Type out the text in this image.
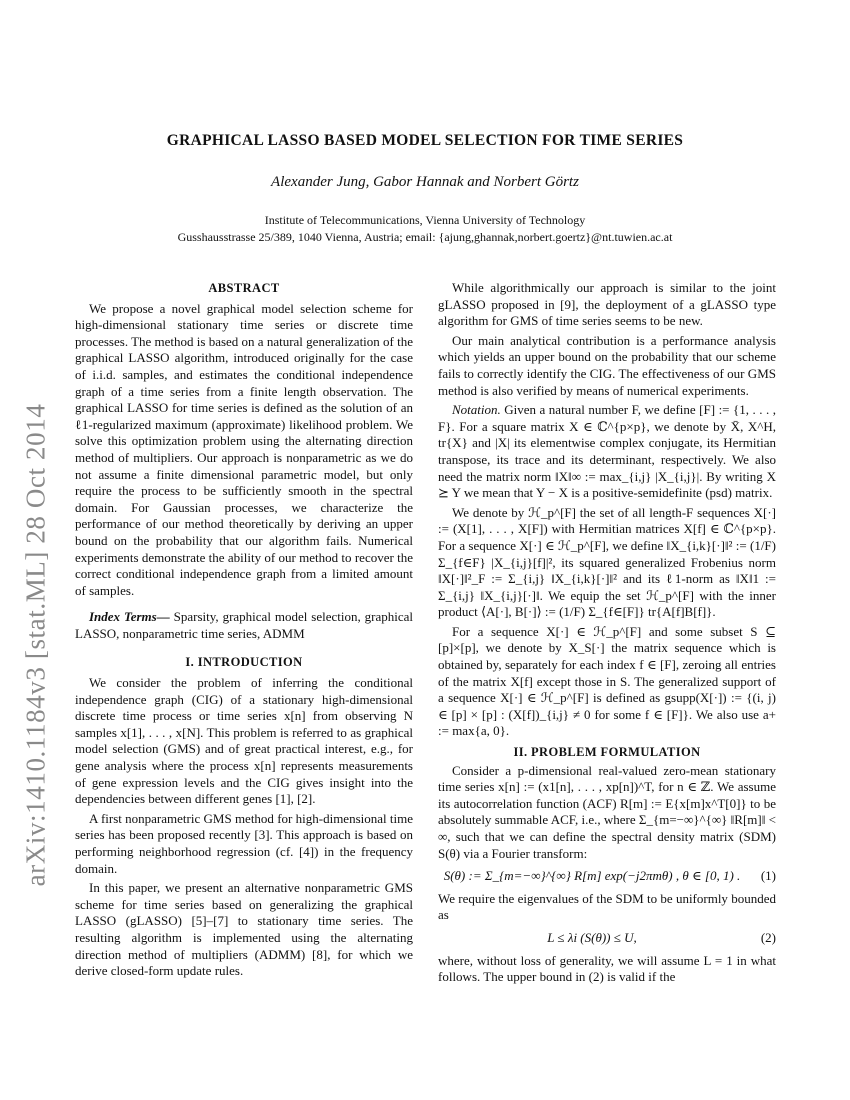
arXiv:1410.1184v3 [stat.ML] 28 Oct 2014
GRAPHICAL LASSO BASED MODEL SELECTION FOR TIME SERIES
Alexander Jung, Gabor Hannak and Norbert Görtz
Institute of Telecommunications, Vienna University of Technology
Gusshausstrasse 25/389, 1040 Vienna, Austria; email: {ajung,ghannak,norbert.goertz}@nt.tuwien.ac.at
ABSTRACT

We propose a novel graphical model selection scheme for high-dimensional stationary time series or discrete time processes. The method is based on a natural generalization of the graphical LASSO algorithm, introduced originally for the case of i.i.d. samples, and estimates the conditional independence graph of a time series from a finite length observation. The graphical LASSO for time series is defined as the solution of an ℓ1-regularized maximum (approximate) likelihood problem. We solve this optimization problem using the alternating direction method of multipliers. Our approach is nonparametric as we do not assume a finite dimensional parametric model, but only require the process to be sufficiently smooth in the spectral domain. For Gaussian processes, we characterize the performance of our method theoretically by deriving an upper bound on the probability that our algorithm fails. Numerical experiments demonstrate the ability of our method to recover the correct conditional independence graph from a limited amount of samples.

Index Terms— Sparsity, graphical model selection, graphical LASSO, nonparametric time series, ADMM

I. INTRODUCTION

We consider the problem of inferring the conditional independence graph (CIG) of a stationary high-dimensional discrete time process or time series x[n] from observing N samples x[1], . . . , x[N]. This problem is referred to as graphical model selection (GMS) and of great practical interest, e.g., for gene analysis where the process x[n] represents measurements of gene expression levels and the CIG gives insight into the dependencies between different genes [1], [2].

A first nonparametric GMS method for high-dimensional time series has been proposed recently [3]. This approach is based on performing neighborhood regression (cf. [4]) in the frequency domain.

In this paper, we present an alternative nonparametric GMS scheme for time series based on generalizing the graphical LASSO (gLASSO) [5]–[7] to stationary time series. The resulting algorithm is implemented using the alternating direction method of multipliers (ADMM) [8], for which we derive closed-form update rules.

While algorithmically our approach is similar to the joint gLASSO proposed in [9], the deployment of a gLASSO type algorithm for GMS of time series seems to be new.

Our main analytical contribution is a performance analysis which yields an upper bound on the probability that our scheme fails to correctly identify the CIG. The effectiveness of our GMS method is also verified by means of numerical experiments.

Notation. Given a natural number F, we define [F] := {1, . . . , F}. For a square matrix X ∈ ℂ^{p×p}, we denote by X̄, X^H, tr{X} and |X| its elementwise complex conjugate, its Hermitian transpose, its trace and its determinant, respectively. We also need the matrix norm ‖X‖∞ := max_{i,j} |X_{i,j}|. By writing X ⪰ Y we mean that Y − X is a positive-semidefinite (psd) matrix.

We denote by ℋ_p^[F] the set of all length-F sequences X[·] := (X[1], . . . , X[F]) with Hermitian matrices X[f] ∈ ℂ^{p×p}. For a sequence X[·] ∈ ℋ_p^[F], we define ‖X_{i,k}[·]‖² := (1/F) Σ_{f∈F} |X_{i,j}[f]|², its squared generalized Frobenius norm ‖X[·]‖²_F := Σ_{i,j} ‖X_{i,k}[·]‖² and its ℓ1-norm as ‖X‖1 := Σ_{i,j} ‖X_{i,j}[·]‖. We equip the set ℋ_p^[F] with the inner product ⟨A[·], B[·]⟩ := (1/F) Σ_{f∈[F]} tr{A[f]B[f]}.

For a sequence X[·] ∈ ℋ_p^[F] and some subset S ⊆ [p]×[p], we denote by X_S[·] the matrix sequence which is obtained by, separately for each index f ∈ [F], zeroing all entries of the matrix X[f] except those in S. The generalized support of a sequence X[·] ∈ ℋ_p^[F] is defined as gsupp(X[·]) := {(i, j) ∈ [p] × [p] : (X[f])_{i,j} ≠ 0 for some f ∈ [F]}. We also use a+ := max{a, 0}.

II. PROBLEM FORMULATION

Consider a p-dimensional real-valued zero-mean stationary time series x[n] := (x1[n], . . . , xp[n])^T, for n ∈ ℤ. We assume its autocorrelation function (ACF) R[m] := E{x[m]x^T[0]} to be absolutely summable ACF, i.e., where Σ_{m=−∞}^{∞} ‖R[m]‖ < ∞, such that we can define the spectral density matrix (SDM) S(θ) via a Fourier transform:

S(θ) := Σ_{m=−∞}^{∞} R[m] exp(−j2πmθ) , θ ∈ [0, 1) .	(1)

We require the eigenvalues of the SDM to be uniformly bounded as

L ≤ λi (S(θ)) ≤ U,	(2)

where, without loss of generality, we will assume L = 1 in what follows. The upper bound in (2) is valid if the
